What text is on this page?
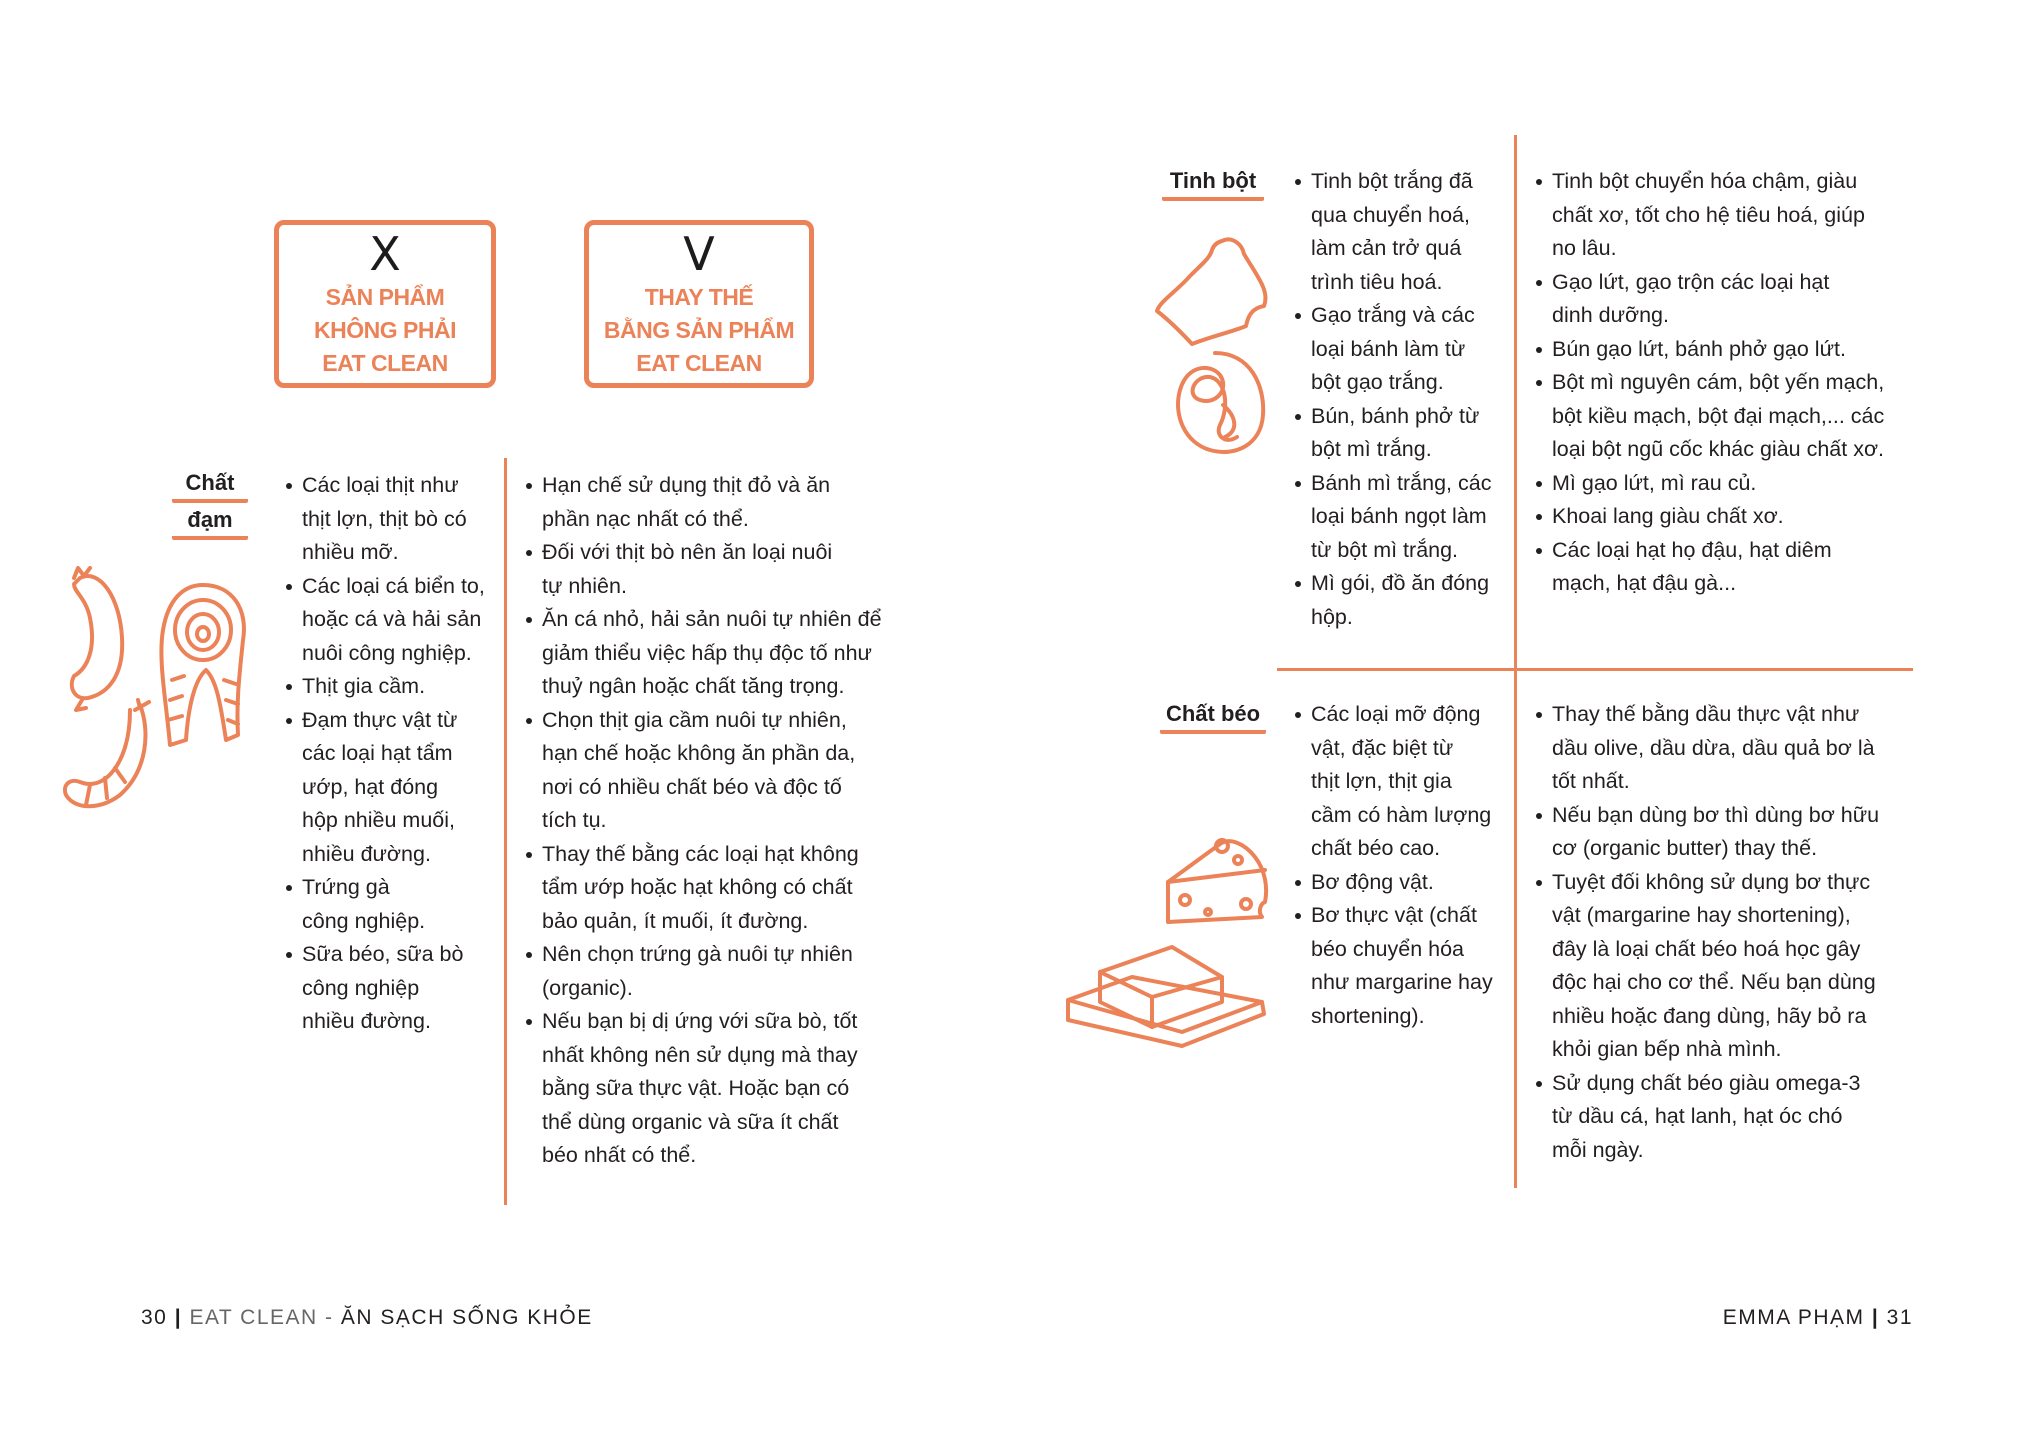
X
SẢN PHẨM
KHÔNG PHẢI
EAT CLEAN
V
THAY THẾ
BẰNG SẢN PHẨM
EAT CLEAN
Chất
đạm
Tinh bột
Chất béo
Các loại thịt như
thịt lợn, thịt bò có
nhiều mỡ.
Các loại cá biển to,
hoặc cá và hải sản
nuôi công nghiệp.
Thịt gia cầm.
Đạm thực vật từ
các loại hạt tẩm
ướp, hạt đóng
hộp nhiều muối,
nhiều đường.
Trứng gà
công nghiệp.
Sữa béo, sữa bò
công nghiệp
nhiều đường.
Hạn chế sử dụng thịt đỏ và ăn
phần nạc nhất có thể.
Đối với thịt bò nên ăn loại nuôi
tự nhiên.
Ăn cá nhỏ, hải sản nuôi tự nhiên để
giảm thiểu việc hấp thụ độc tố như
thuỷ ngân hoặc chất tăng trọng.
Chọn thịt gia cầm nuôi tự nhiên,
hạn chế hoặc không ăn phần da,
nơi có nhiều chất béo và độc tố
tích tụ.
Thay thế bằng các loại hạt không
tẩm ướp hoặc hạt không có chất
bảo quản, ít muối, ít đường.
Nên chọn trứng gà nuôi tự nhiên
(organic).
Nếu bạn bị dị ứng với sữa bò, tốt
nhất không nên sử dụng mà thay
bằng sữa thực vật. Hoặc bạn có
thể dùng organic và sữa ít chất
béo nhất có thể.
Tinh bột trắng đã
qua chuyển hoá,
làm cản trở quá
trình tiêu hoá.
Gạo trắng và các
loại bánh làm từ
bột gạo trắng.
Bún, bánh phở từ
bột mì trắng.
Bánh mì trắng, các
loại bánh ngọt làm
từ bột mì trắng.
Mì gói, đồ ăn đóng
hộp.
Tinh bột chuyển hóa chậm, giàu
chất xơ, tốt cho hệ tiêu hoá, giúp
no lâu.
Gạo lứt, gạo trộn các loại hạt
dinh dưỡng.
Bún gạo lứt, bánh phở gạo lứt.
Bột mì nguyên cám, bột yến mạch,
bột kiều mạch, bột đại mạch,... các
loại bột ngũ cốc khác giàu chất xơ.
Mì gạo lứt, mì rau củ.
Khoai lang giàu chất xơ.
Các loại hạt họ đậu, hạt diêm
mạch, hạt đậu gà...
Các loại mỡ động
vật, đặc biệt từ
thịt lợn, thịt gia
cầm có hàm lượng
chất béo cao.
Bơ động vật.
Bơ thực vật (chất
béo chuyển hóa
như margarine hay
shortening).
Thay thế bằng dầu thực vật như
dầu olive, dầu dừa, dầu quả bơ là
tốt nhất.
Nếu bạn dùng bơ thì dùng bơ hữu
cơ (organic butter) thay thế.
Tuyệt đối không sử dụng bơ thực
vật (margarine hay shortening),
đây là loại chất béo hoá học gây
độc hại cho cơ thể. Nếu bạn dùng
nhiều hoặc đang dùng, hãy bỏ ra
khỏi gian bếp nhà mình.
Sử dụng chất béo giàu omega-3
từ dầu cá, hạt lanh, hạt óc chó
mỗi ngày.
30 | EAT CLEAN - ĂN SẠCH SỐNG KHỎE	EMMA PHẠM | 31
